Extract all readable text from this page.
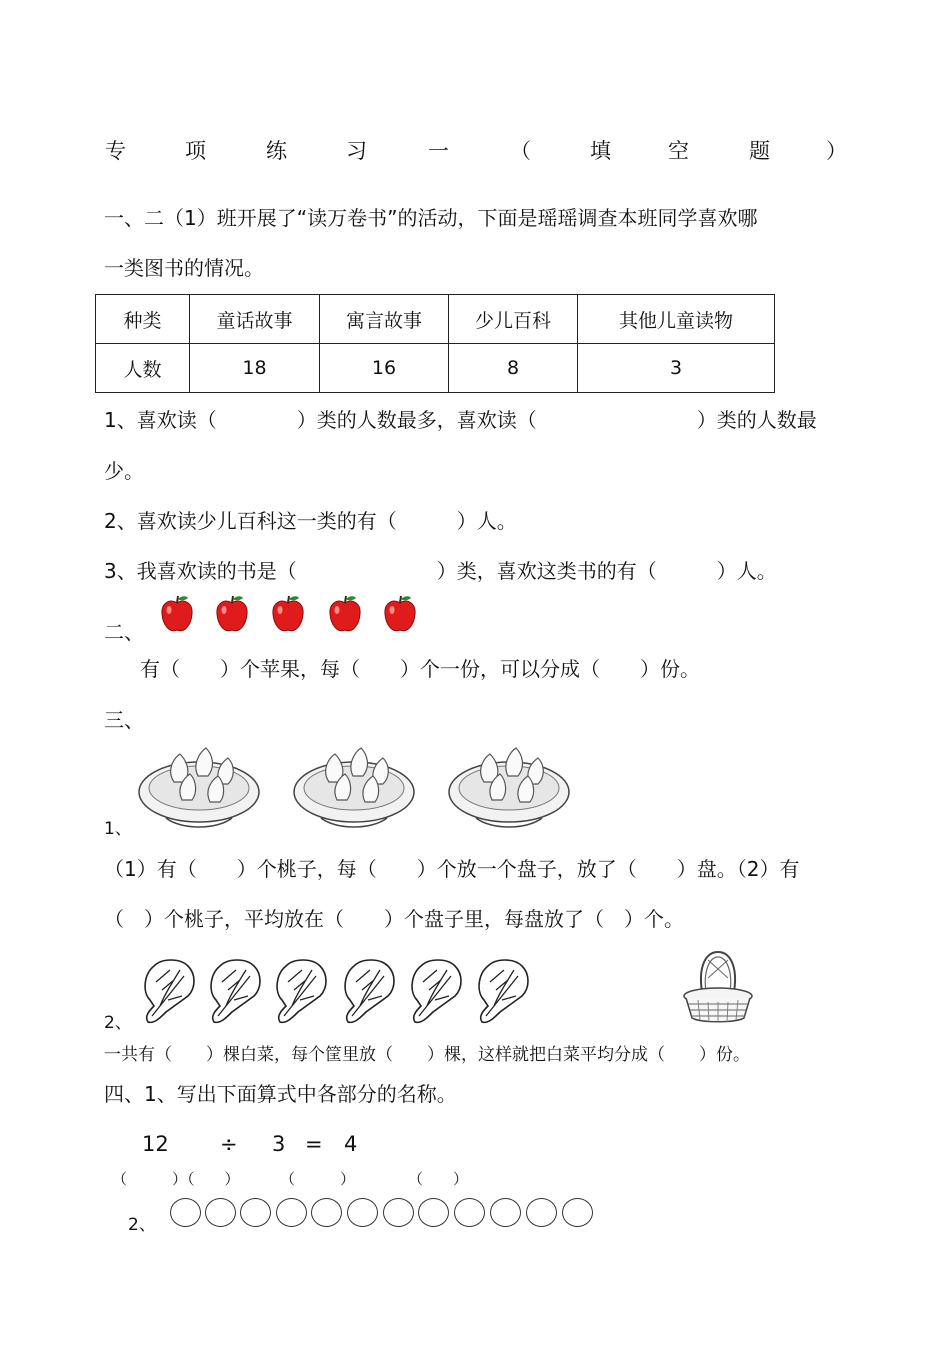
专

	项

	练

	习

	一

	（

	填

	空

	题

	）

一、二（1）班开展了“读万卷书”的活动，下面是瑶瑶调查本班同学喜欢哪
一类图书的情况。
种类	童话故事	寓言故事	少儿百科	其他儿童读物
人数	18	16	8	3
1、喜欢读（　　　　）类的人数最多，喜欢读（　　　　　　　　）类的人数最
少。
2、喜欢读少儿百科这一类的有（　　　）人。
3、我喜欢读的书是（　　　　　　　）类，喜欢这类书的有（　　　）人。
二、
有（　　）个苹果，每（　　）个一份，可以分成（　　）份。
三、
1、
（1）有（　　）个桃子，每（　　）个放一个盘子，放了（　　）盘。（2）有
（　）个桃子，平均放在（　　）个盘子里，每盘放了（　）个。
2、
一共有（　　）棵白菜，每个筐里放（　　）棵，这样就把白菜平均分成（　　）份。
四、1、写出下面算式中各部分的名称。
12 ÷ 3 = 4
（　　　）（　　）	（　　　）	（　　）
2、
